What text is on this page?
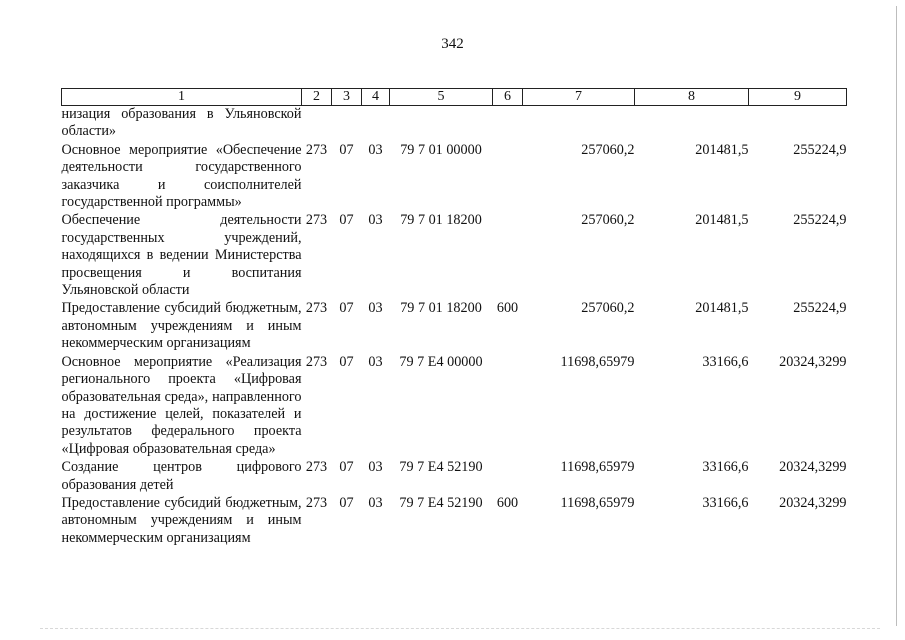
342
1	2	3	4	5	6	7	8	9
низация образования в Ульяновской области»								
Основное мероприятие «Обеспечение деятельности государственного заказчика и соисполнителей государственной программы»	273	07	03	79 7 01 00000		257060,2	201481,5	255224,9
Обеспечение деятельности государственных учреждений, находящихся в ведении Министерства просвещения и воспитания Ульяновской области	273	07	03	79 7 01 18200		257060,2	201481,5	255224,9
Предоставление субсидий бюджетным, автономным учреждениям и иным некоммерческим организациям	273	07	03	79 7 01 18200	600	257060,2	201481,5	255224,9
Основное мероприятие «Реализация регионального проекта «Цифровая образовательная среда», направленного на достижение целей, показателей и результатов федерального проекта «Цифровая образовательная среда»	273	07	03	79 7 E4 00000		11698,65979	33166,6	20324,3299
Создание центров цифрового образования детей	273	07	03	79 7 E4 52190		11698,65979	33166,6	20324,3299
Предоставление субсидий бюджетным, автономным учреждениям и иным некоммерческим организациям	273	07	03	79 7 E4 52190	600	11698,65979	33166,6	20324,3299
